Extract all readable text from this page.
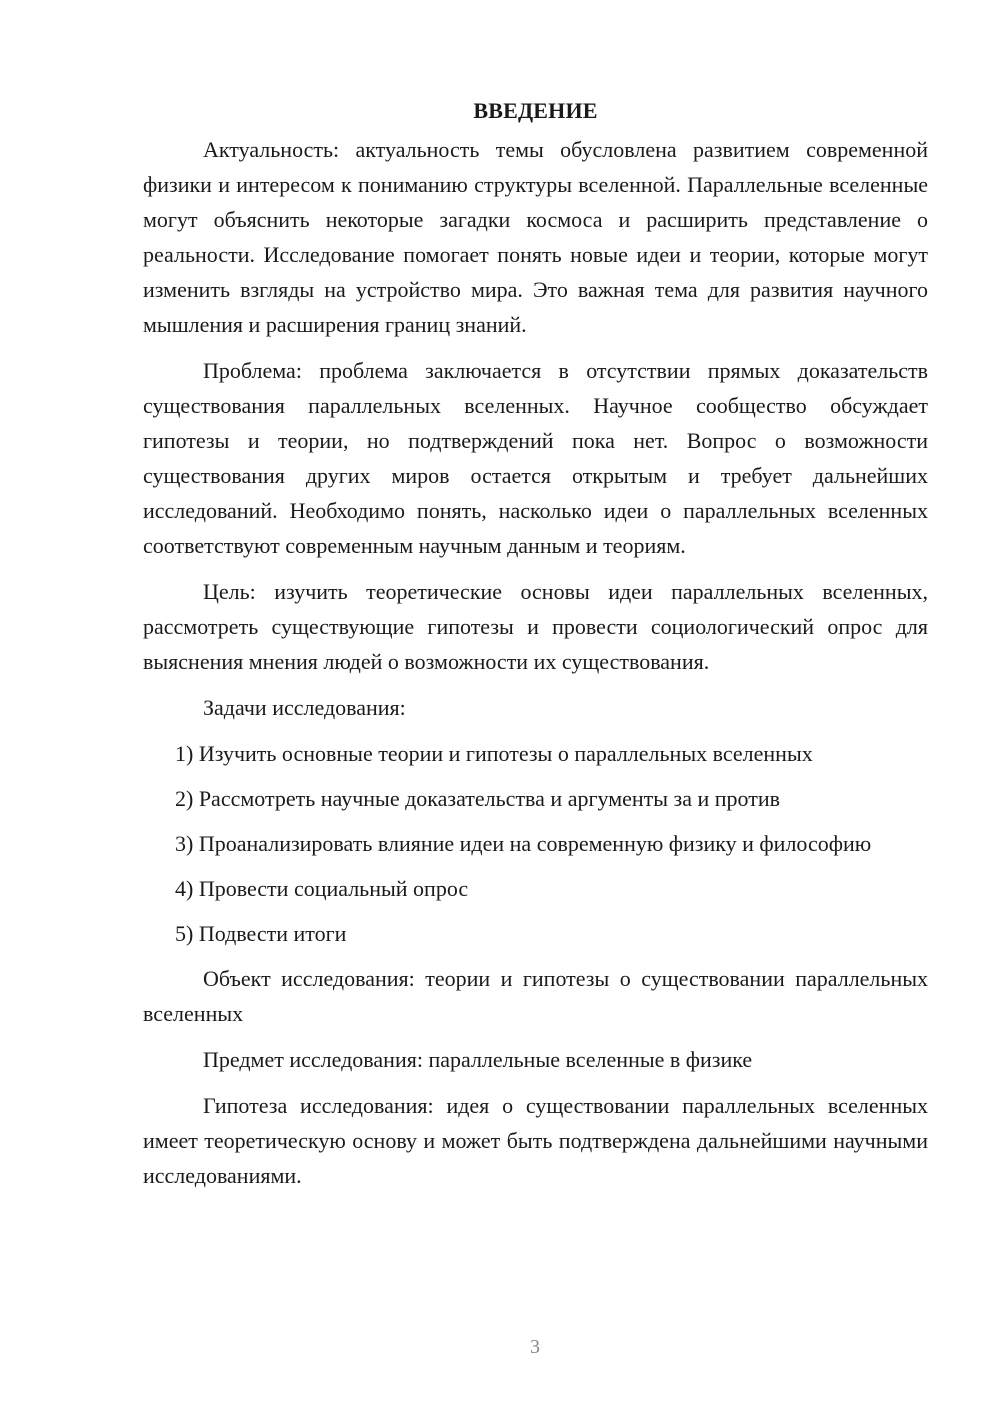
ВВЕДЕНИЕ

Актуальность: актуальность темы обусловлена развитием современной физики и интересом к пониманию структуры вселенной. Параллельные вселенные могут объяснить некоторые загадки космоса и расширить представление о реальности. Исследование помогает понять новые идеи и теории, которые могут изменить взгляды на устройство мира. Это важная тема для развития научного мышления и расширения границ знаний.

Проблема: проблема заключается в отсутствии прямых доказательств существования параллельных вселенных. Научное сообщество обсуждает гипотезы и теории, но подтверждений пока нет. Вопрос о возможности существования других миров остается открытым и требует дальнейших исследований. Необходимо понять, насколько идеи о параллельных вселенных соответствуют современным научным данным и теориям.

Цель: изучить теоретические основы идеи параллельных вселенных, рассмотреть существующие гипотезы и провести социологический опрос для выяснения мнения людей о возможности их существования.

Задачи исследования:

1) Изучить основные теории и гипотезы о параллельных вселенных

2) Рассмотреть научные доказательства и аргументы за и против

3) Проанализировать влияние идеи на современную физику и философию

4) Провести социальный опрос

5) Подвести итоги

Объект исследования: теории и гипотезы о существовании параллельных вселенных

Предмет исследования: параллельные вселенные в физике

Гипотеза исследования: идея о существовании параллельных вселенных имеет теоретическую основу и может быть подтверждена дальнейшими научными исследованиями.

3
